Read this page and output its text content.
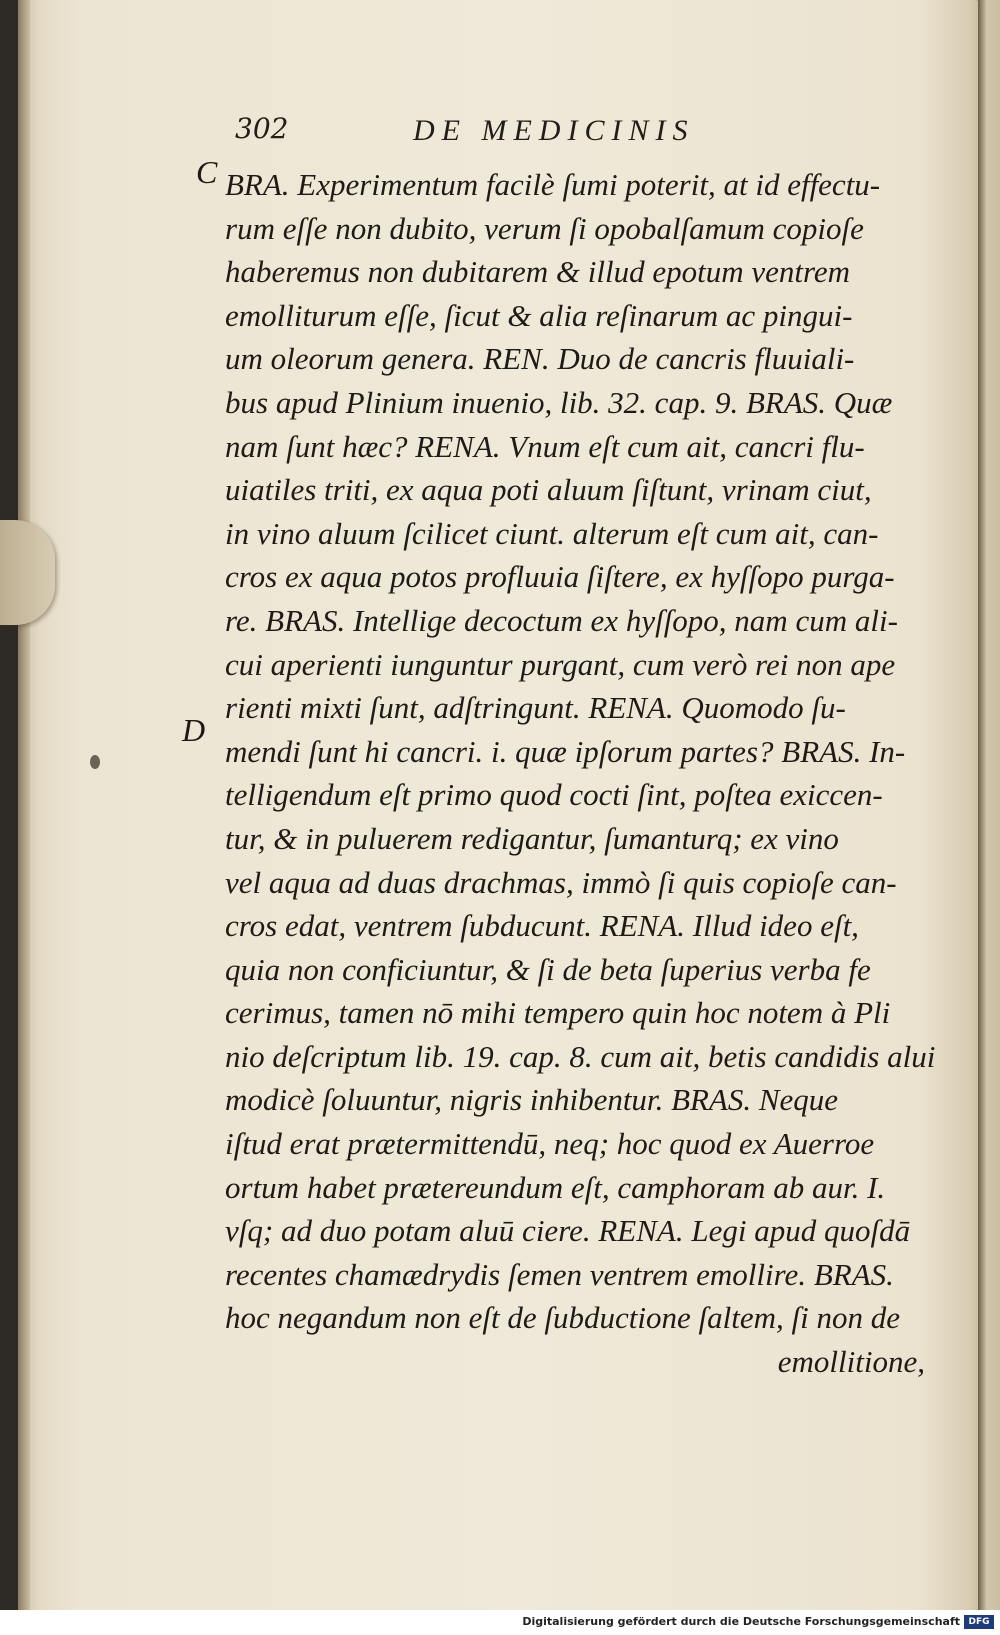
302	DE MEDICINIS
C
D
BRA. Experimentum facilè ſumi poterit, at id effectu-
rum eſſe non dubito, verum ſi opobalſamum copioſe
haberemus non dubitarem & illud epotum ventrem
emolliturum eſſe, ſicut & alia reſinarum ac pingui-
um oleorum genera. REN. Duo de cancris fluuiali-
bus apud Plinium inuenio, lib. 32. cap. 9. BRAS. Quæ
nam ſunt hæc? RENA. Vnum eſt cum ait, cancri flu-
uiatiles triti, ex aqua poti aluum ſiſtunt, vrinam ciut,
in vino aluum ſcilicet ciunt. alterum eſt cum ait, can-
cros ex aqua potos profluuia ſiſtere, ex hyſſopo purga-
re. BRAS. Intellige decoctum ex hyſſopo, nam cum ali-
cui aperienti iunguntur purgant, cum verò rei non ape
rienti mixti ſunt, adſtringunt. RENA. Quomodo ſu-
mendi ſunt hi cancri. i. quæ ipſorum partes? BRAS. In-
telligendum eſt primo quod cocti ſint, poſtea exiccen-
tur, & in puluerem redigantur, ſumanturq; ex vino
vel aqua ad duas drachmas, immò ſi quis copioſe can-
cros edat, ventrem ſubducunt. RENA. Illud ideo eſt,
quia non conficiuntur, & ſi de beta ſuperius verba fe
cerimus, tamen nō mihi tempero quin hoc notem à Pli
nio deſcriptum lib. 19. cap. 8. cum ait, betis candidis alui
modicè ſoluuntur, nigris inhibentur. BRAS. Neque
iſtud erat prætermittendū, neq; hoc quod ex Auerroe
ortum habet prætereundum eſt, camphoram ab aur. I.
vſq; ad duo potam aluū ciere. RENA. Legi apud quoſdā
recentes chamædrydis ſemen ventrem emollire. BRAS.
hoc negandum non eſt de ſubductione ſaltem, ſi non de
emollitione,
Digitalisierung gefördert durch die Deutsche Forschungsgemeinschaft DFG
